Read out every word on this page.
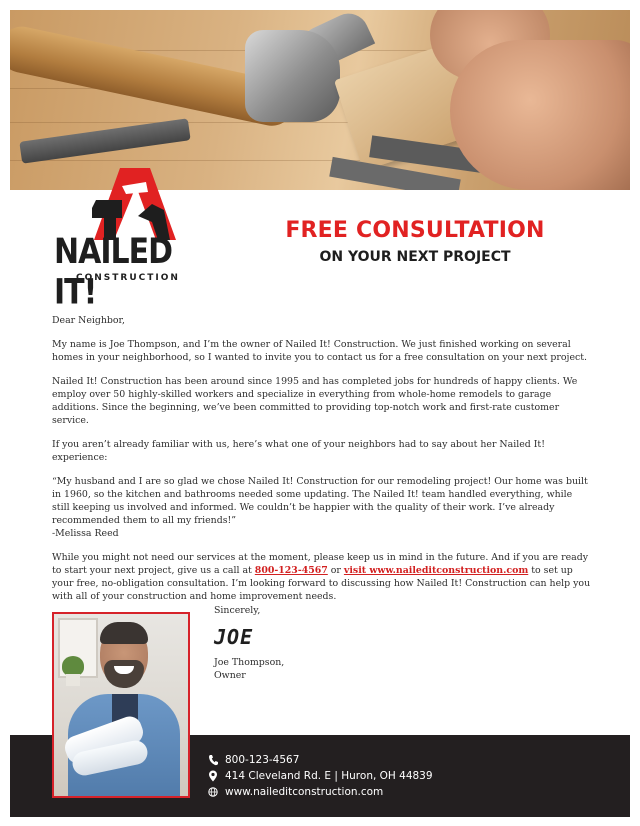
NAILED IT!
CONSTRUCTION
FREE CONSULTATION
ON YOUR NEXT PROJECT

Dear Neighbor,

My name is Joe Thompson, and I’m the owner of Nailed It! Construction. We just finished working on several homes in your neighborhood, so I wanted to invite you to contact us for a free consultation on your next project.

Nailed It! Construction has been around since 1995 and has completed jobs for hundreds of happy clients. We employ over 50 highly-skilled workers and specialize in everything from whole-home remodels to garage additions. Since the beginning, we’ve been committed to providing top-notch work and first-rate customer service.

If you aren’t already familiar with us, here’s what one of your neighbors had to say about her Nailed It! experience:

“My husband and I are so glad we chose Nailed It! Construction for our remodeling project! Our home was built in 1960, so the kitchen and bathrooms needed some updating. The Nailed It! team handled everything, while still keeping us involved and informed. We couldn’t be happier with the quality of their work. I’ve already recommended them to all my friends!”
-Melissa Reed

While you might not need our services at the moment, please keep us in mind in the future. And if you are ready to start your next project, give us a call at 800-123-4567 or visit www.naileditconstruction.com to set up your free, no-obligation consultation. I’m looking forward to discussing how Nailed It! Construction can help you with all of your construction and home improvement needs.

Sincerely,
JOE
Joe Thompson,
Owner
800-123-4567
414 Cleveland Rd. E | Huron, OH 44839
www.naileditconstruction.com
